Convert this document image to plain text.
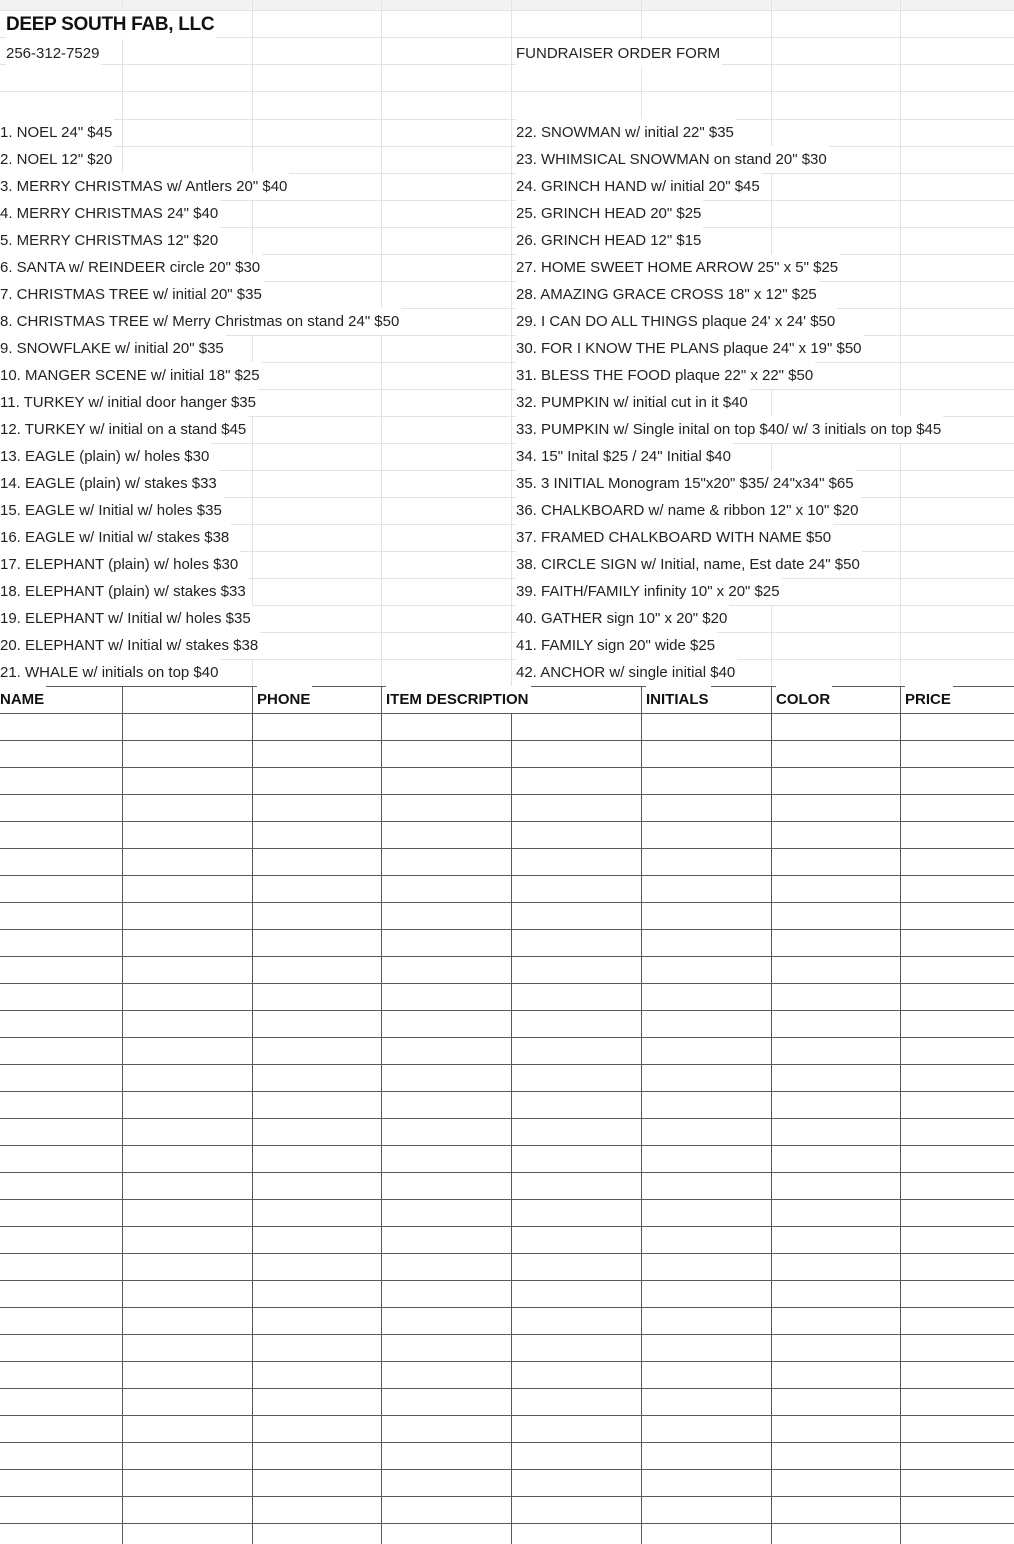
DEEP SOUTH FAB, LLC
256-312-7529	FUNDRAISER ORDER FORM
1. NOEL 24" $45
2. NOEL 12" $20
3. MERRY CHRISTMAS w/ Antlers 20" $40
4. MERRY CHRISTMAS 24" $40
5. MERRY CHRISTMAS 12" $20
6. SANTA w/ REINDEER circle 20" $30
7. CHRISTMAS TREE w/ initial 20" $35
8. CHRISTMAS TREE w/ Merry Christmas on stand 24" $50
9. SNOWFLAKE w/ initial 20" $35
10. MANGER SCENE w/ initial 18" $25
11. TURKEY w/ initial door hanger $35
12. TURKEY w/ initial on a stand $45
13. EAGLE (plain) w/ holes $30
14. EAGLE (plain) w/ stakes $33
15. EAGLE w/ Initial w/ holes $35
16. EAGLE w/ Initial w/ stakes $38
17. ELEPHANT (plain) w/ holes $30
18. ELEPHANT (plain) w/ stakes $33
19. ELEPHANT w/ Initial w/ holes $35
20. ELEPHANT w/ Initial w/ stakes $38
21. WHALE w/ initials on top $40
22. SNOWMAN w/ initial 22" $35
23. WHIMSICAL SNOWMAN on stand 20" $30
24. GRINCH HAND w/ initial 20" $45
25. GRINCH HEAD 20" $25
26. GRINCH HEAD 12" $15
27. HOME SWEET HOME ARROW 25" x 5" $25
28. AMAZING GRACE CROSS 18" x 12" $25
29. I CAN DO ALL THINGS plaque 24' x 24' $50
30. FOR I KNOW THE PLANS plaque 24" x 19" $50
31. BLESS THE FOOD plaque 22" x 22" $50
32. PUMPKIN w/ initial cut in it $40
33. PUMPKIN w/ Single inital on top $40/ w/ 3 initials on top $45
34. 15" Inital $25 / 24" Initial $40
35. 3 INITIAL Monogram 15"x20" $35/ 24"x34" $65
36. CHALKBOARD w/ name & ribbon 12" x 10" $20
37. FRAMED CHALKBOARD WITH NAME $50
38. CIRCLE SIGN w/ Initial, name, Est date 24" $50
39. FAITH/FAMILY infinity 10" x 20" $25
40. GATHER sign 10" x 20" $20
41. FAMILY sign 20" wide $25
42. ANCHOR w/ single initial $40
NAME	PHONE	ITEM DESCRIPTION	INITIALS	COLOR	PRICE
